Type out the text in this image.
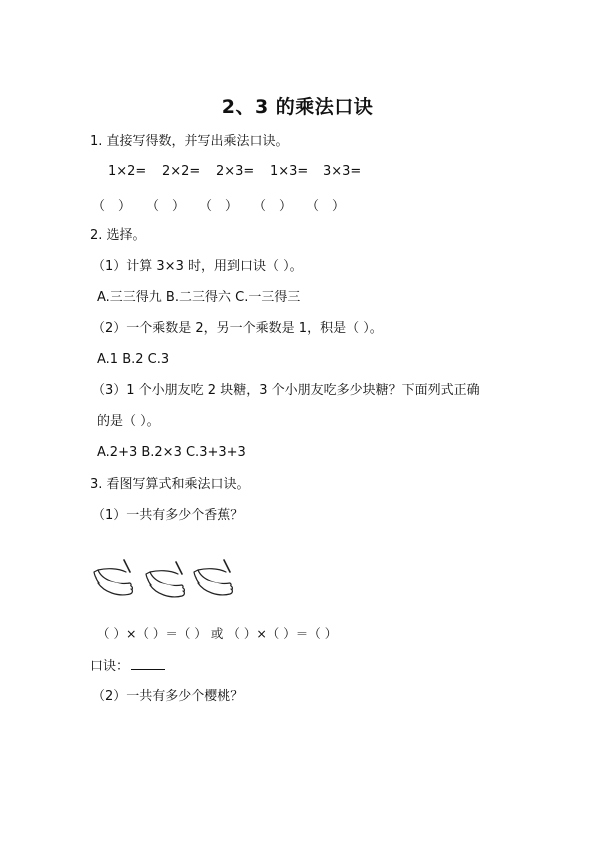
2、3 的乘法口诀
1. 直接写得数，并写出乘法口诀。
1×2= 2×2= 2×3= 1×3= 3×3=
（　） （　） （　） （　） （　）
2. 选择。
（1）计算 3×3 时，用到口诀（ ）。
A.三三得九 B.二三得六 C.一三得三
（2）一个乘数是 2，另一个乘数是 1，积是（ ）。
A.1 B.2 C.3
（3）1 个小朋友吃 2 块糖，3 个小朋友吃多少块糖？下面列式正确
的是（ ）。
A.2+3 B.2×3 C.3+3+3
3. 看图写算式和乘法口诀。
（1）一共有多少个香蕉？
（ ）×（ ）＝（ ） 或 （ ）×（ ）＝（ ）
口诀：
（2）一共有多少个樱桃？
